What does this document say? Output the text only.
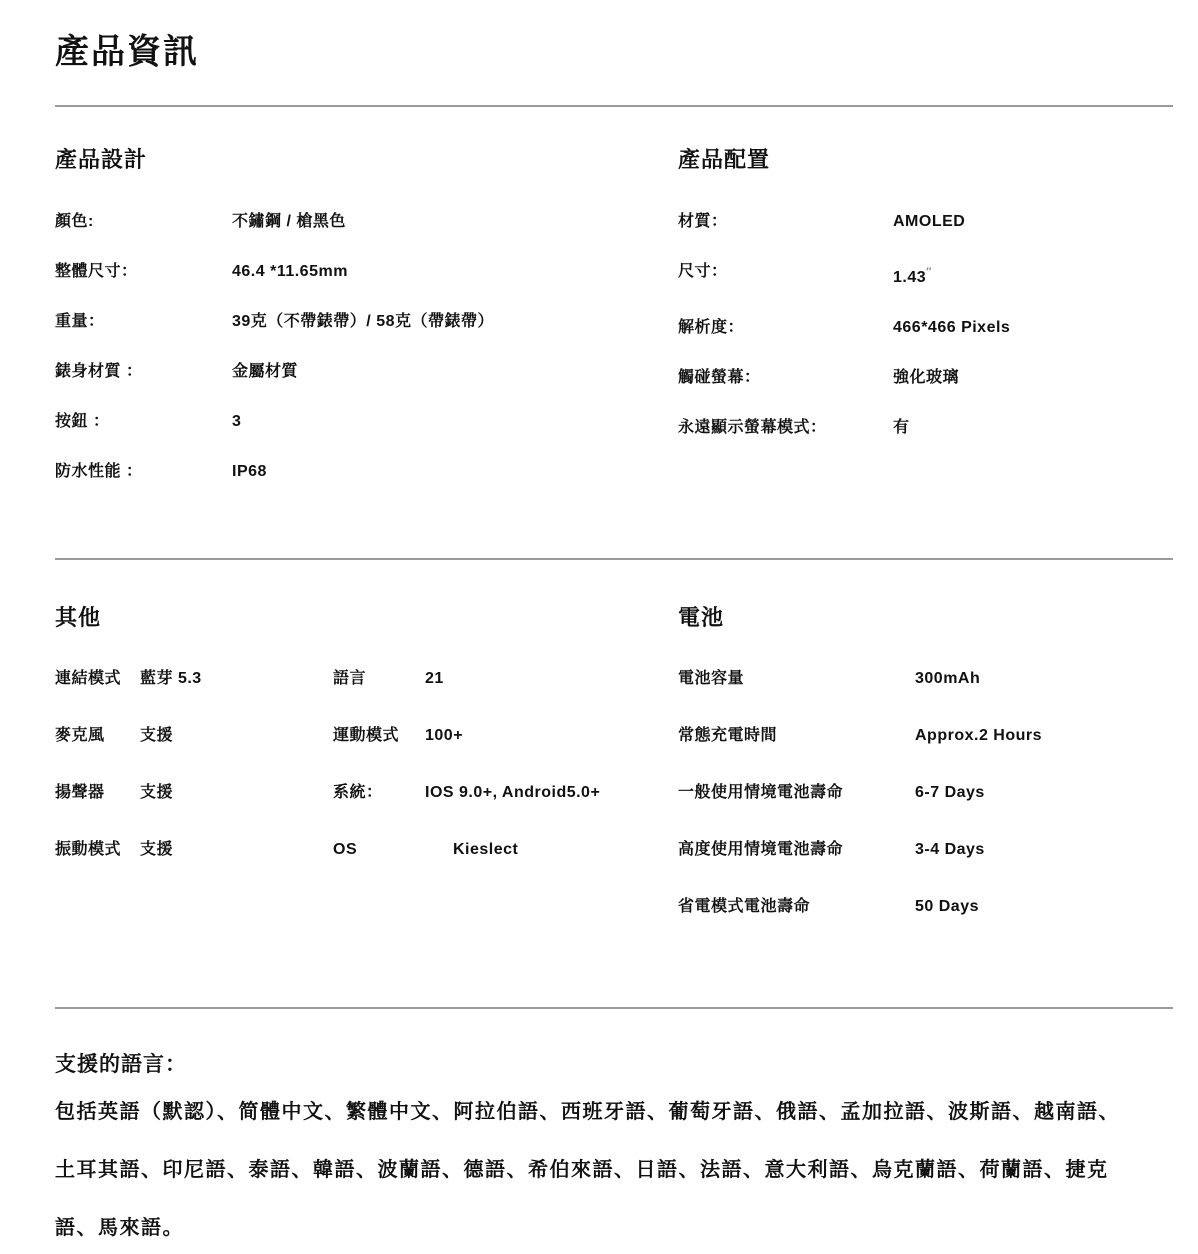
產品資訊
產品設計
顏色:	不鏽鋼 / 槍黑色
整體尺寸：	46.4 *11.65mm
重量：	39克（不帶錶帶）/ 58克（帶錶帶）
錶身材質 ：	金屬材質
按鈕 ：	3
防水性能 ：	IP68
產品配置
材質：	AMOLED
尺寸：	1.43″
解析度：	466*466 Pixels
觸碰螢幕：	強化玻璃
永遠顯示螢幕模式：	有
其他
連結模式	藍芽 5.3	語言	21
麥克風	支援	運動模式	100+
揚聲器	支援	系統：	IOS 9.0+, Android5.0+
振動模式	支援	OS	Kieslect
電池
電池容量	300mAh
常態充電時間	Approx.2 Hours
一般使用情境電池壽命	6-7 Days
高度使用情境電池壽命	3-4 Days
省電模式電池壽命	50 Days
支援的語言：

包括英語（默認）、简體中文、繁體中文、阿拉伯語、西班牙語、葡萄牙語、俄語、孟加拉語、波斯語、越南語、土耳其語、印尼語、泰語、韓語、波蘭語、德語、希伯來語、日語、法語、意大利語、烏克蘭語、荷蘭語、捷克語、馬來語。
